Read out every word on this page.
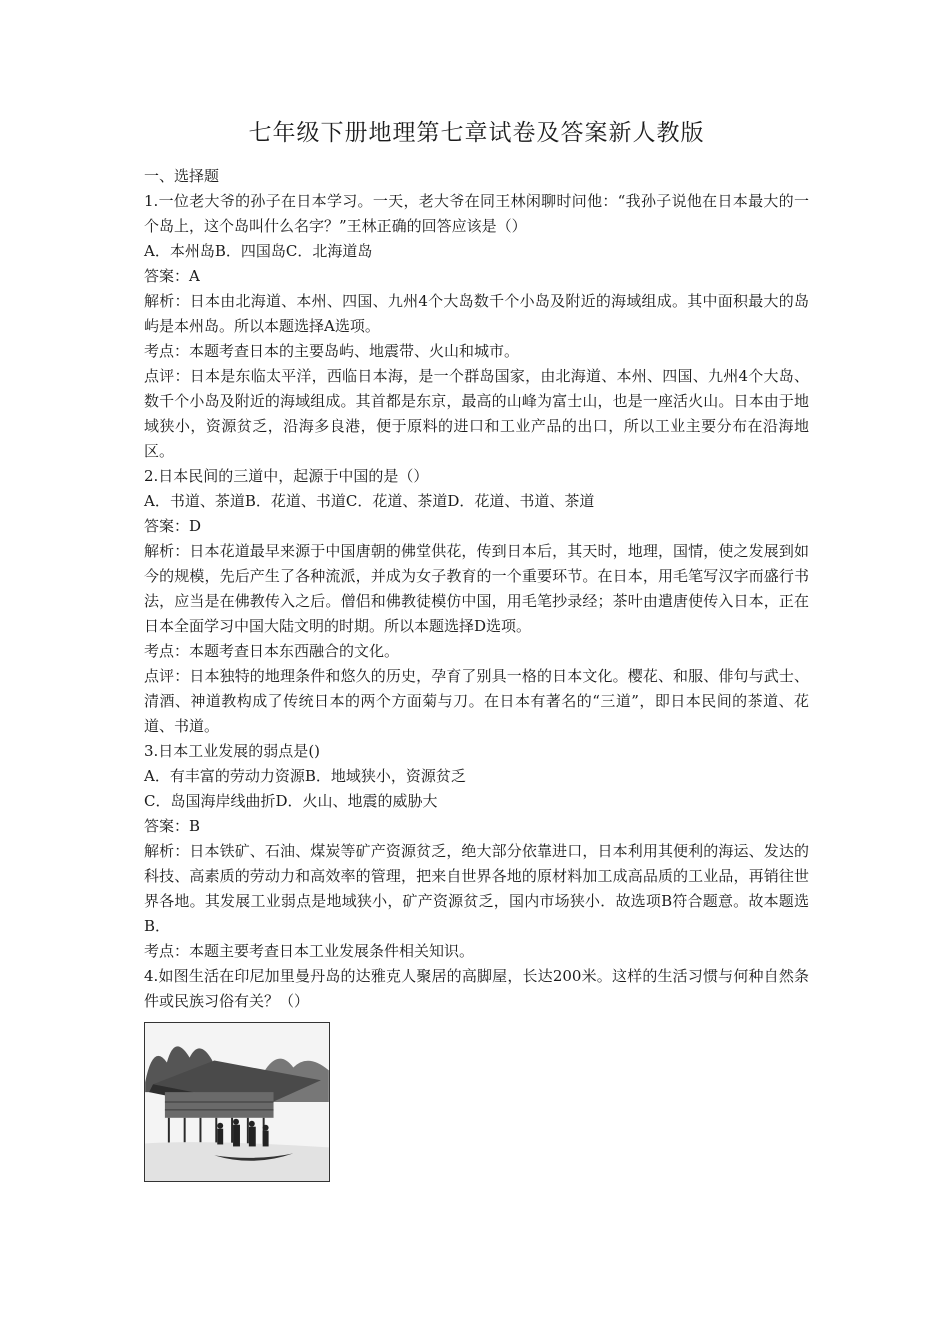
七年级下册地理第七章试卷及答案新人教版

一、选择题

1.一位老大爷的孙子在日本学习。一天，老大爷在同王林闲聊时问他：“我孙子说他在日本最大的一个岛上，这个岛叫什么名字？”王林正确的回答应该是（）

A．本州岛B．四国岛C．北海道岛

答案：A

解析：日本由北海道、本州、四国、九州4个大岛数千个小岛及附近的海域组成。其中面积最大的岛屿是本州岛。所以本题选择A选项。

考点：本题考查日本的主要岛屿、地震带、火山和城市。

点评：日本是东临太平洋，西临日本海，是一个群岛国家，由北海道、本州、四国、九州4个大岛、数千个小岛及附近的海域组成。其首都是东京，最高的山峰为富士山，也是一座活火山。日本由于地域狭小，资源贫乏，沿海多良港，便于原料的进口和工业产品的出口，所以工业主要分布在沿海地区。

2.日本民间的三道中，起源于中国的是（）

A．书道、茶道B．花道、书道C．花道、茶道D．花道、书道、茶道

答案：D

解析：日本花道最早来源于中国唐朝的佛堂供花，传到日本后，其天时，地理，国情，使之发展到如今的规模，先后产生了各种流派，并成为女子教育的一个重要环节。在日本，用毛笔写汉字而盛行书法，应当是在佛教传入之后。僧侣和佛教徒模仿中国，用毛笔抄录经；茶叶由遣唐使传入日本，正在日本全面学习中国大陆文明的时期。所以本题选择D选项。

考点：本题考查日本东西融合的文化。

点评：日本独特的地理条件和悠久的历史，孕育了别具一格的日本文化。樱花、和服、俳句与武士、清酒、神道教构成了传统日本的两个方面菊与刀。在日本有著名的“三道”，即日本民间的茶道、花道、书道。

3.日本工业发展的弱点是()

A．有丰富的劳动力资源B．地域狭小，资源贫乏

C．岛国海岸线曲折D．火山、地震的威胁大

答案：B

解析：日本铁矿、石油、煤炭等矿产资源贫乏，绝大部分依靠进口，日本利用其便利的海运、发达的科技、高素质的劳动力和高效率的管理，把来自世界各地的原材料加工成高品质的工业品，再销往世界各地。其发展工业弱点是地域狭小，矿产资源贫乏，国内市场狭小．故选项B符合题意。故本题选B．

考点：本题主要考查日本工业发展条件相关知识。

4.如图生活在印尼加里曼丹岛的达雅克人聚居的高脚屋，长达200米。这样的生活习惯与何种自然条件或民族习俗有关？（）
